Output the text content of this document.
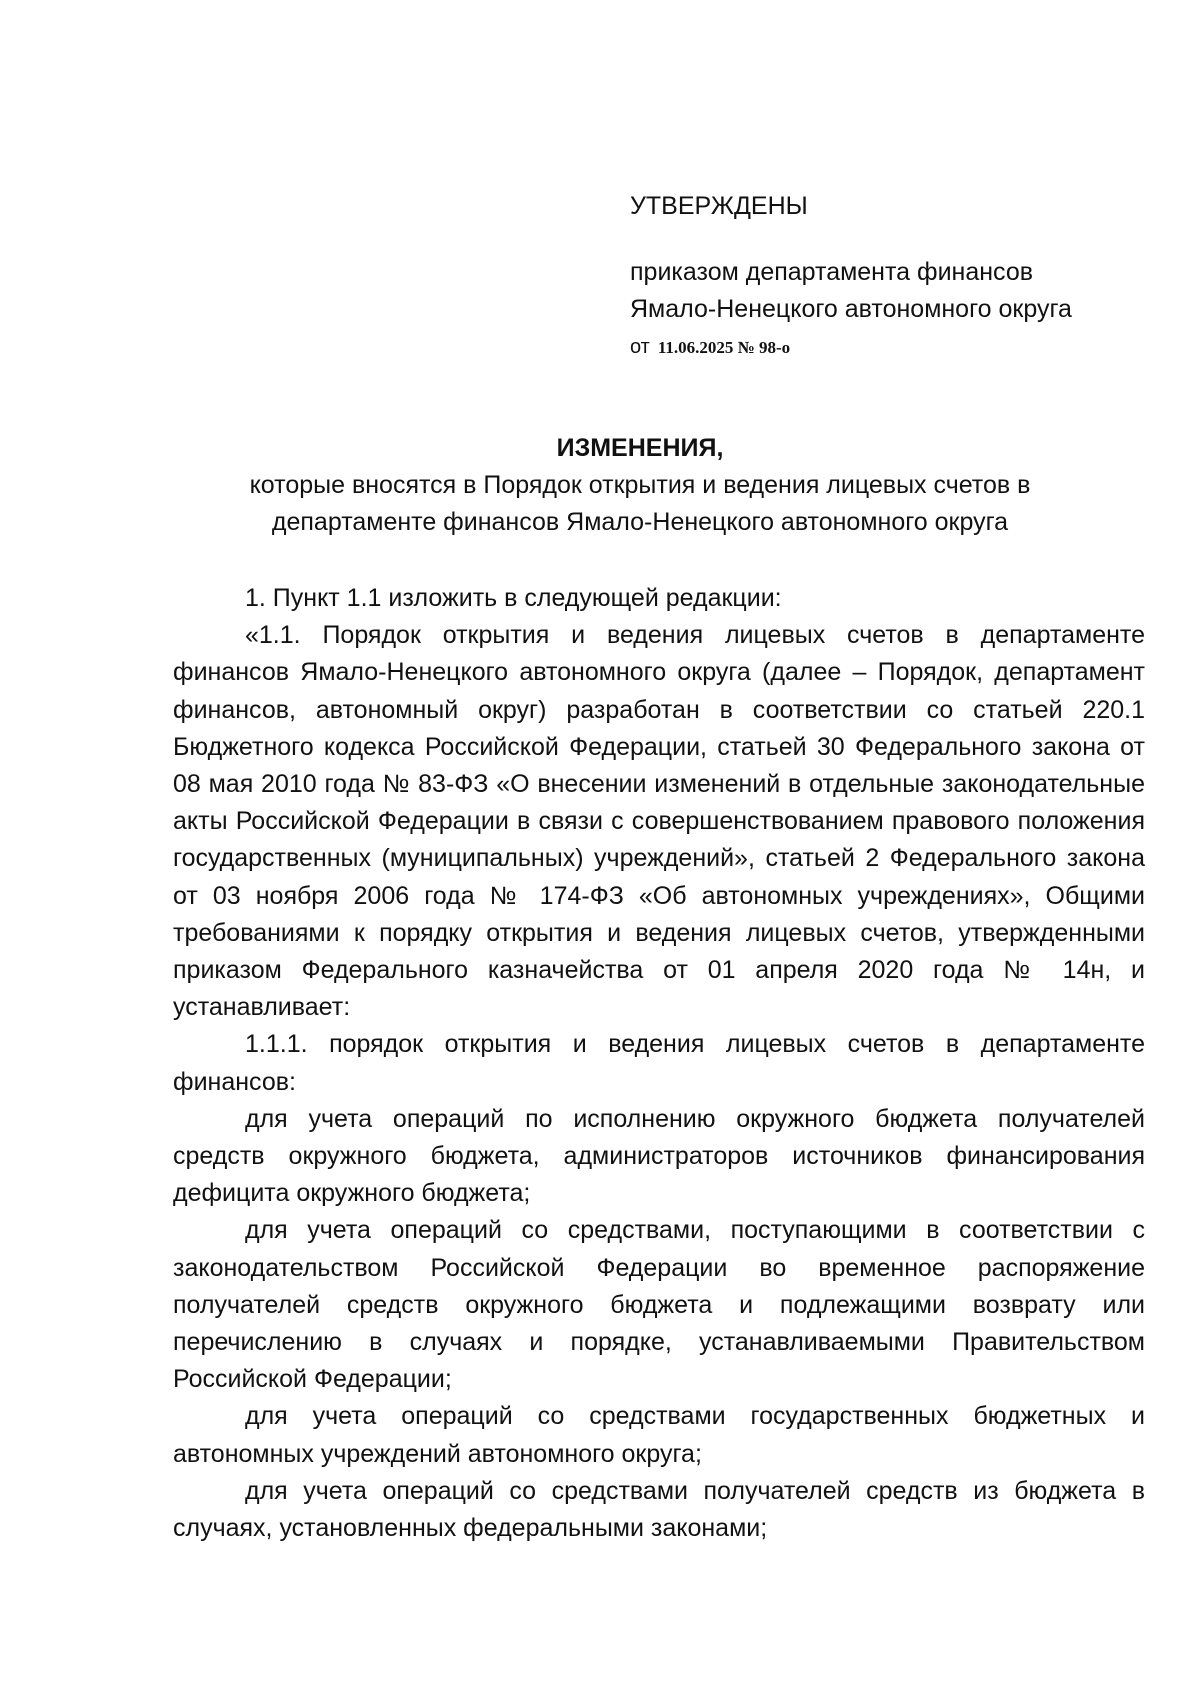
УТВЕРЖДЕНЫ
приказом департамента финансов
Ямало-Ненецкого автономного округа
от 11.06.2025 № 98-о
ИЗМЕНЕНИЯ,
которые вносятся в Порядок открытия и ведения лицевых счетов в
департаменте финансов Ямало-Ненецкого автономного округа

1. Пункт 1.1 изложить в следующей редакции:

«1.1. Порядок открытия и ведения лицевых счетов в департаменте финансов Ямало-Ненецкого автономного округа (далее – Порядок, департамент финансов, автономный округ) разработан в соответствии со статьей 220.1 Бюджетного кодекса Российской Федерации, статьей 30 Федерального закона от 08 мая 2010 года № 83-ФЗ «О внесении изменений в отдельные законодательные акты Российской Федерации в связи с совершенствованием правового положения государственных (муниципальных) учреждений», статьей 2 Федерального закона от 03 ноября 2006 года № 174-ФЗ «Об автономных учреждениях», Общими требованиями к порядку открытия и ведения лицевых счетов, утвержденными приказом Федерального казначейства от 01 апреля 2020 года № 14н, и устанавливает:

1.1.1. порядок открытия и ведения лицевых счетов в департаменте финансов:

для учета операций по исполнению окружного бюджета получателей средств окружного бюджета, администраторов источников финансирования дефицита окружного бюджета;

для учета операций со средствами, поступающими в соответствии с законодательством Российской Федерации во временное распоряжение получателей средств окружного бюджета и подлежащими возврату или перечислению в случаях и порядке, устанавливаемыми Правительством Российской Федерации;

для учета операций со средствами государственных бюджетных и автономных учреждений автономного округа;

для учета операций со средствами получателей средств из бюджета в случаях, установленных федеральными законами;
